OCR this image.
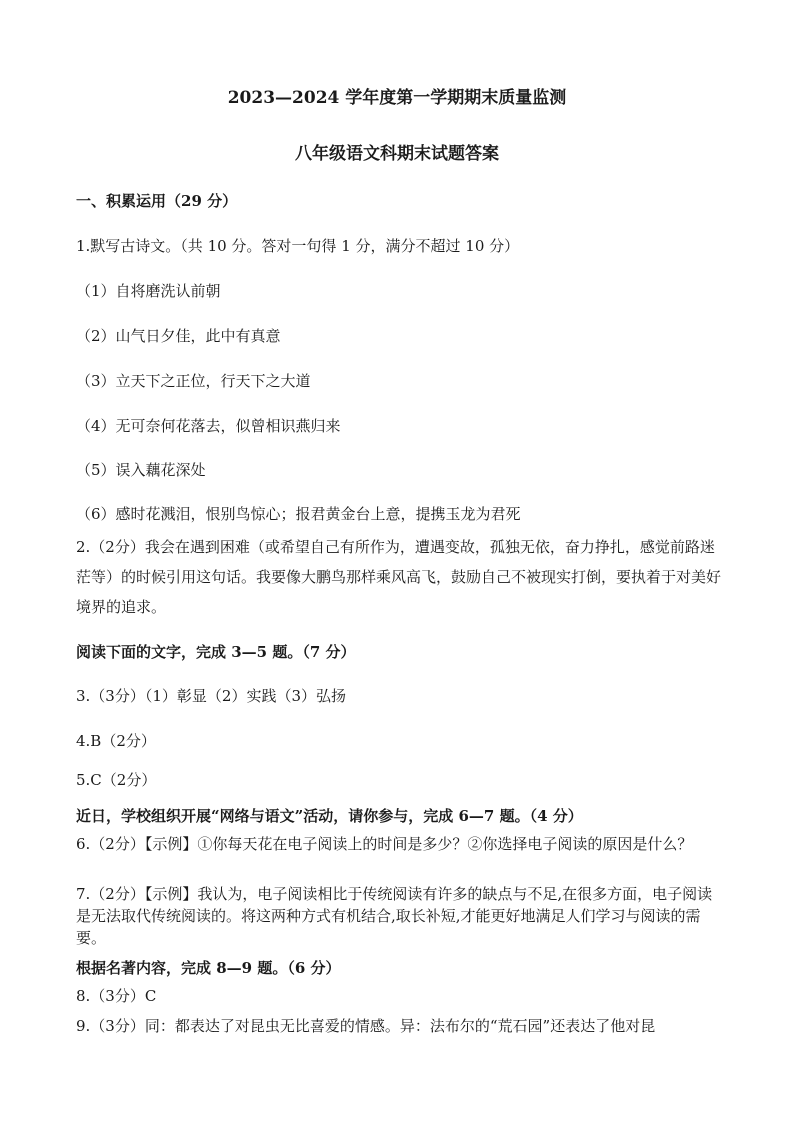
2023—2024 学年度第一学期期末质量监测
八年级语文科期末试题答案
一、积累运用（29 分）
1.默写古诗文。（共 10 分。答对一句得 1 分，满分不超过 10 分）
（1）自将磨洗认前朝
（2）山气日夕佳，此中有真意
（3）立天下之正位，行天下之大道
（4）无可奈何花落去，似曾相识燕归来
（5）误入藕花深处
（6）感时花溅泪，恨别鸟惊心；报君黄金台上意，提携玉龙为君死
2.（2分）我会在遇到困难（或希望自己有所作为，遭遇变故，孤独无依，奋力挣扎，感觉前路迷茫等）的时候引用这句话。我要像大鹏鸟那样乘风高飞，鼓励自己不被现实打倒，要执着于对美好境界的追求。
阅读下面的文字，完成 3—5 题。（7 分）
3.（3分）（1）彰显（2）实践（3）弘扬
4.B（2分）
5.C（2分）
近日，学校组织开展“网络与语文”活动，请你参与，完成 6—7 题。（4 分）
6.（2分）【示例】①你每天花在电子阅读上的时间是多少？②你选择电子阅读的原因是什么？
7.（2分）【示例】我认为，电子阅读相比于传统阅读有许多的缺点与不足,在很多方面，电子阅读是无法取代传统阅读的。将这两种方式有机结合,取长补短,才能更好地满足人们学习与阅读的需要。
根据名著内容，完成 8—9 题。（6 分）
8.（3分）C
9.（3分）同：都表达了对昆虫无比喜爱的情感。异：法布尔的“荒石园”还表达了他对昆
